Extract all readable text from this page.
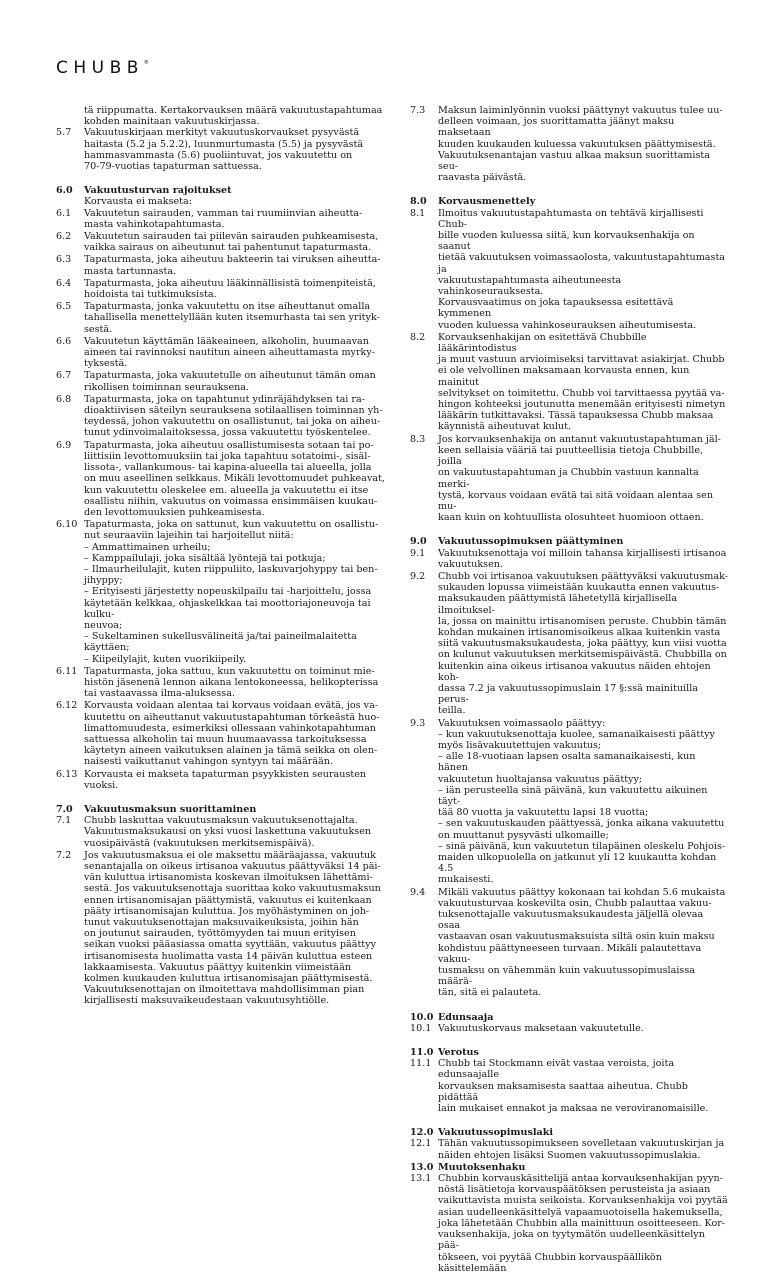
CHUBB®
tä riippumatta. Kertakorvauksen määrä vakuutustapahtumaa
kohden mainitaan vakuutuskirjassa.
5.7	Vakuutuskirjaan merkityt vakuutuskorvaukset pysyvästä
haitasta (5.2 ja 5.2.2), luunmurtumasta (5.5) ja pysyvästä
hammasvammasta (5.6) puoliintuvat, jos vakuutettu on
70-79-vuotias tapaturman sattuessa.
6.0	Vakuutusturvan rajoitukset
Korvausta ei makseta:
6.1	Vakuutetun sairauden, vamman tai ruumiinvian aiheutta-
masta vahinkotapahtumasta.
6.2	Vakuutetun sairauden tai piilevän sairauden puhkeamisesta,
vaikka sairaus on aiheutunut tai pahentunut tapaturmasta.
6.3	Tapaturmasta, joka aiheutuu bakteerin tai viruksen aiheutta-
masta tartunnasta.
6.4	Tapaturmasta, joka aiheutuu lääkinnällisistä toimenpiteistä,
hoidoista tai tutkimuksista.
6.5	Tapaturmasta, jonka vakuutettu on itse aiheuttanut omalla
tahallisella menettelyllään kuten itsemurhasta tai sen yrityk-
sestä.
6.6	Vakuutetun käyttämän lääkeaineen, alkoholin, huumaavan
aineen tai ravinnoksi nautitun aineen aiheuttamasta myrky-
tyksestä.
6.7	Tapaturmasta, joka vakuutetulle on aiheutunut tämän oman
rikollisen toiminnan seurauksena.
6.8	Tapaturmasta, joka on tapahtunut ydinräjähdyksen tai ra-
dioaktiivisen säteilyn seurauksena sotilaallisen toiminnan yh-
teydessä, johon vakuutettu on osallistunut, tai joka on aiheu-
tunut ydinvoimalaitoksessa, jossa vakuutettu työskentelee.
6.9	Tapaturmasta, joka aiheutuu osallistumisesta sotaan tai po-
liittisiin levottomuuksiin tai joka tapahtuu sotatoimi-, sisäl-
lissota-, vallankumous- tai kapina-alueella tai alueella, jolla
on muu aseellinen selkkaus. Mikäli levottomuudet puhkeavat,
kun vakuutettu oleskelee em. alueella ja vakuutettu ei itse
osallistu niihin, vakuutus on voimassa ensimmäisen kuukau-
den levottomuuksien puhkeamisesta.
6.10 Tapaturmasta, joka on sattunut, kun vakuutettu on osallistu-
nut seuraaviin lajeihin tai harjoitellut niitä:
– Ammattimainen urheilu;
– Kamppailulaji, joka sisältää lyöntejä tai potkuja;
– Ilmaurheilulajit, kuten riippuliito, laskuvarjohyppy tai ben-
jihyppy;
– Erityisesti järjestetty nopeuskilpailu tai -harjoittelu, jossa
käytetään kelkkaa, ohjaskelkkaa tai moottoriajoneuvoja tai kulku-
neuvoa;
– Sukeltaminen sukellusvälineitä ja/tai paineilmalaitetta
käyttäen;
– Kiipeilylajit, kuten vuorikiipeily.
6.11 Tapaturmasta, joka sattuu, kun vakuutettu on toiminut mie-
histön jäsenenä lennon aikana lentokoneessa, helikopterissa
tai vastaavassa ilma-aluksessa.
6.12 Korvausta voidaan alentaa tai korvaus voidaan evätä, jos va-
kuutettu on aiheuttanut vakuutustapahtuman törkeästä huo-
limattomuudesta, esimerkiksi ollessaan vahinkotapahtuman
sattuessa alkoholin tai muun huumaavassa tarkoituksessa
käytetyn aineen vaikutuksen alainen ja tämä seikka on olen-
naisesti vaikuttanut vahingon syntyyn tai määrään.
6.13 Korvausta ei makseta tapaturman psyykkisten seurausten
vuoksi.
7.0	Vakuutusmaksun suorittaminen
7.1	Chubb laskuttaa vakuutusmaksun vakuutuksenottajalta.
Vakuutusmaksukausi on yksi vuosi laskettuna vakuutuksen
vuosipäivästä (vakuutuksen merkitsemispäivä).
7.2	Jos vakuutusmaksua ei ole maksettu määräajassa, vakuutuk
senantajalla on oikeus irtisanoa vakuutus päättyväksi 14 päi-
vän kuluttua irtisanomista koskevan ilmoituksen lähettämi-
sestä. Jos vakuutuksenottaja suorittaa koko vakuutusmaksun
ennen irtisanomisajan päättymistä, vakuutus ei kuitenkaan
pääty irtisanomisajan kuluttua. Jos myöhästyminen on joh-
tunut vakuutuksenottajan maksuvaikeuksista, joihin hän
on joutunut sairauden, työttömyyden tai muun erityisen
seikan vuoksi pääasiassa omatta syyttään, vakuutus päättyy
irtisanomisesta huolimatta vasta 14 päivän kuluttua esteen
lakkaamisesta. Vakuutus päättyy kuitenkin viimeistään
kolmen kuukauden kuluttua irtisanomisajan päättymisestä.
Vakuutuksenottajan on ilmoitettava mahdollisimman pian
kirjallisesti maksuvaikeudestaan vakuutusyhtiölle.
7.3	Maksun laiminlyönnin vuoksi päättynyt vakuutus tulee uu-
delleen voimaan, jos suorittamatta jäänyt maksu maksetaan
kuuden kuukauden kuluessa vakuutuksen päättymisestä.
Vakuutuksenantajan vastuu alkaa maksun suorittamista seu-
raavasta päivästä.
8.0	Korvausmenettely
8.1	Ilmoitus vakuutustapahtumasta on tehtävä kirjallisesti Chub-
bille vuoden kuluessa siitä, kun korvauksenhakija on saanut
tietää vakuutuksen voimassaolosta, vakuutustapahtumasta ja
vakuutustapahtumasta aiheutuneesta vahinkoseurauksesta.
Korvausvaatimus on joka tapauksessa esitettävä kymmenen
vuoden kuluessa vahinkoseurauksen aiheutumisesta.
8.2	Korvauksenhakijan on esitettävä Chubbille lääkärintodistus
ja muut vastuun arvioimiseksi tarvittavat asiakirjat. Chubb
ei ole velvollinen maksamaan korvausta ennen, kun mainitut
selvitykset on toimitettu. Chubb voi tarvittaessa pyytää va-
hingon kohteeksi joutunutta menemään erityisesti nimetyn
lääkärin tutkittavaksi. Tässä tapauksessa Chubb maksaa
käynnistä aiheutuvat kulut.
8.3	Jos korvauksenhakija on antanut vakuutustapahtuman jäl-
keen sellaisia vääriä tai puutteellisia tietoja Chubbille, joilla
on vakuutustapahtuman ja Chubbin vastuun kannalta merki-
tystä, korvaus voidaan evätä tai sitä voidaan alentaa sen mu-
kaan kuin on kohtuullista olosuhteet huomioon ottaen.
9.0	Vakuutussopimuksen päättyminen
9.1	Vakuutuksenottaja voi milloin tahansa kirjallisesti irtisanoa
vakuutuksen.
9.2	Chubb voi irtisanoa vakuutuksen päättyväksi vakuutusmak-
sukauden lopussa viimeistään kuukautta ennen vakuutus-
maksukauden päättymistä lähetetyllä kirjallisella ilmoituksel-
la, jossa on mainittu irtisanomisen peruste. Chubbin tämän
kohdan mukainen irtisanomisoikeus alkaa kuitenkin vasta
siitä vakuutusmaksukaudesta, joka päättyy, kun viisi vuotta
on kulunut vakuutuksen merkitsemispäivästä. Chubbilla on
kuitenkin aina oikeus irtisanoa vakuutus näiden ehtojen koh-
dassa 7.2 ja vakuutussopimuslain 17 §:ssä mainituilla perus-
teilla.
9.3	Vakuutuksen voimassaolo päättyy:
– kun vakuutuksenottaja kuolee, samanaikaisesti päättyy
myös lisävakuutettujen vakuutus;
– alle 18-vuotiaan lapsen osalta samanaikaisesti, kun hänen
vakuutetun huoltajansa vakuutus päättyy;
– iän perusteella sinä päivänä, kun vakuutettu aikuinen täyt-
tää 80 vuotta ja vakuutettu lapsi 18 vuotta;
– sen vakuutuskauden päättyessä, jonka aikana vakuutettu
on muuttanut pysyvästi ulkomaille;
– sinä päivänä, kun vakuutetun tilapäinen oleskelu Pohjois-
maiden ulkopuolella on jatkunut yli 12 kuukautta kohdan 4.5
mukaisesti.
9.4	Mikäli vakuutus päättyy kokonaan tai kohdan 5.6 mukaista
vakuutusturvaa koskevilta osin, Chubb palauttaa vakuu-
tuksenottajalle vakuutusmaksukaudesta jäljellä olevaa osaa
vastaavan osan vakuutusmaksuista siltä osin kuin maksu
kohdistuu päättyneeseen turvaan. Mikäli palautettava vakuu-
tusmaksu on vähemmän kuin vakuutussopimuslaissa määrä-
tän, sitä ei palauteta.
10.0 Edunsaaja
10.1 Vakuutuskorvaus maksetaan vakuutetulle.
11.0 Verotus
11.1 Chubb tai Stockmann eivät vastaa veroista, joita edunsaajalle
korvauksen maksamisesta saattaa aiheutua. Chubb pidättää
lain mukaiset ennakot ja maksaa ne veroviranomaisille.
12.0 Vakuutussopimuslaki
12.1 Tähän vakuutussopimukseen sovelletaan vakuutuskirjan ja
näiden ehtojen lisäksi Suomen vakuutussopimuslakia.
13.0 Muutoksenhaku
13.1 Chubbin korvauskäsittelijä antaa korvauksenhakijan pyyn-
nöstä lisätietoja korvauspäätöksen perusteista ja asiaan
vaikuttavista muista seikoista. Korvauksenhakija voi pyytää
asian uudelleenkäsittelyä vapaamuotoisella hakemuksella,
joka lähetetään Chubbin alla mainittuun osoitteeseen. Kor-
vauksenhakija, joka on tyytymätön uudelleenkäsittelyn pää-
tökseen, voi pyytää Chubbin korvauspäällikön käsittelemään
